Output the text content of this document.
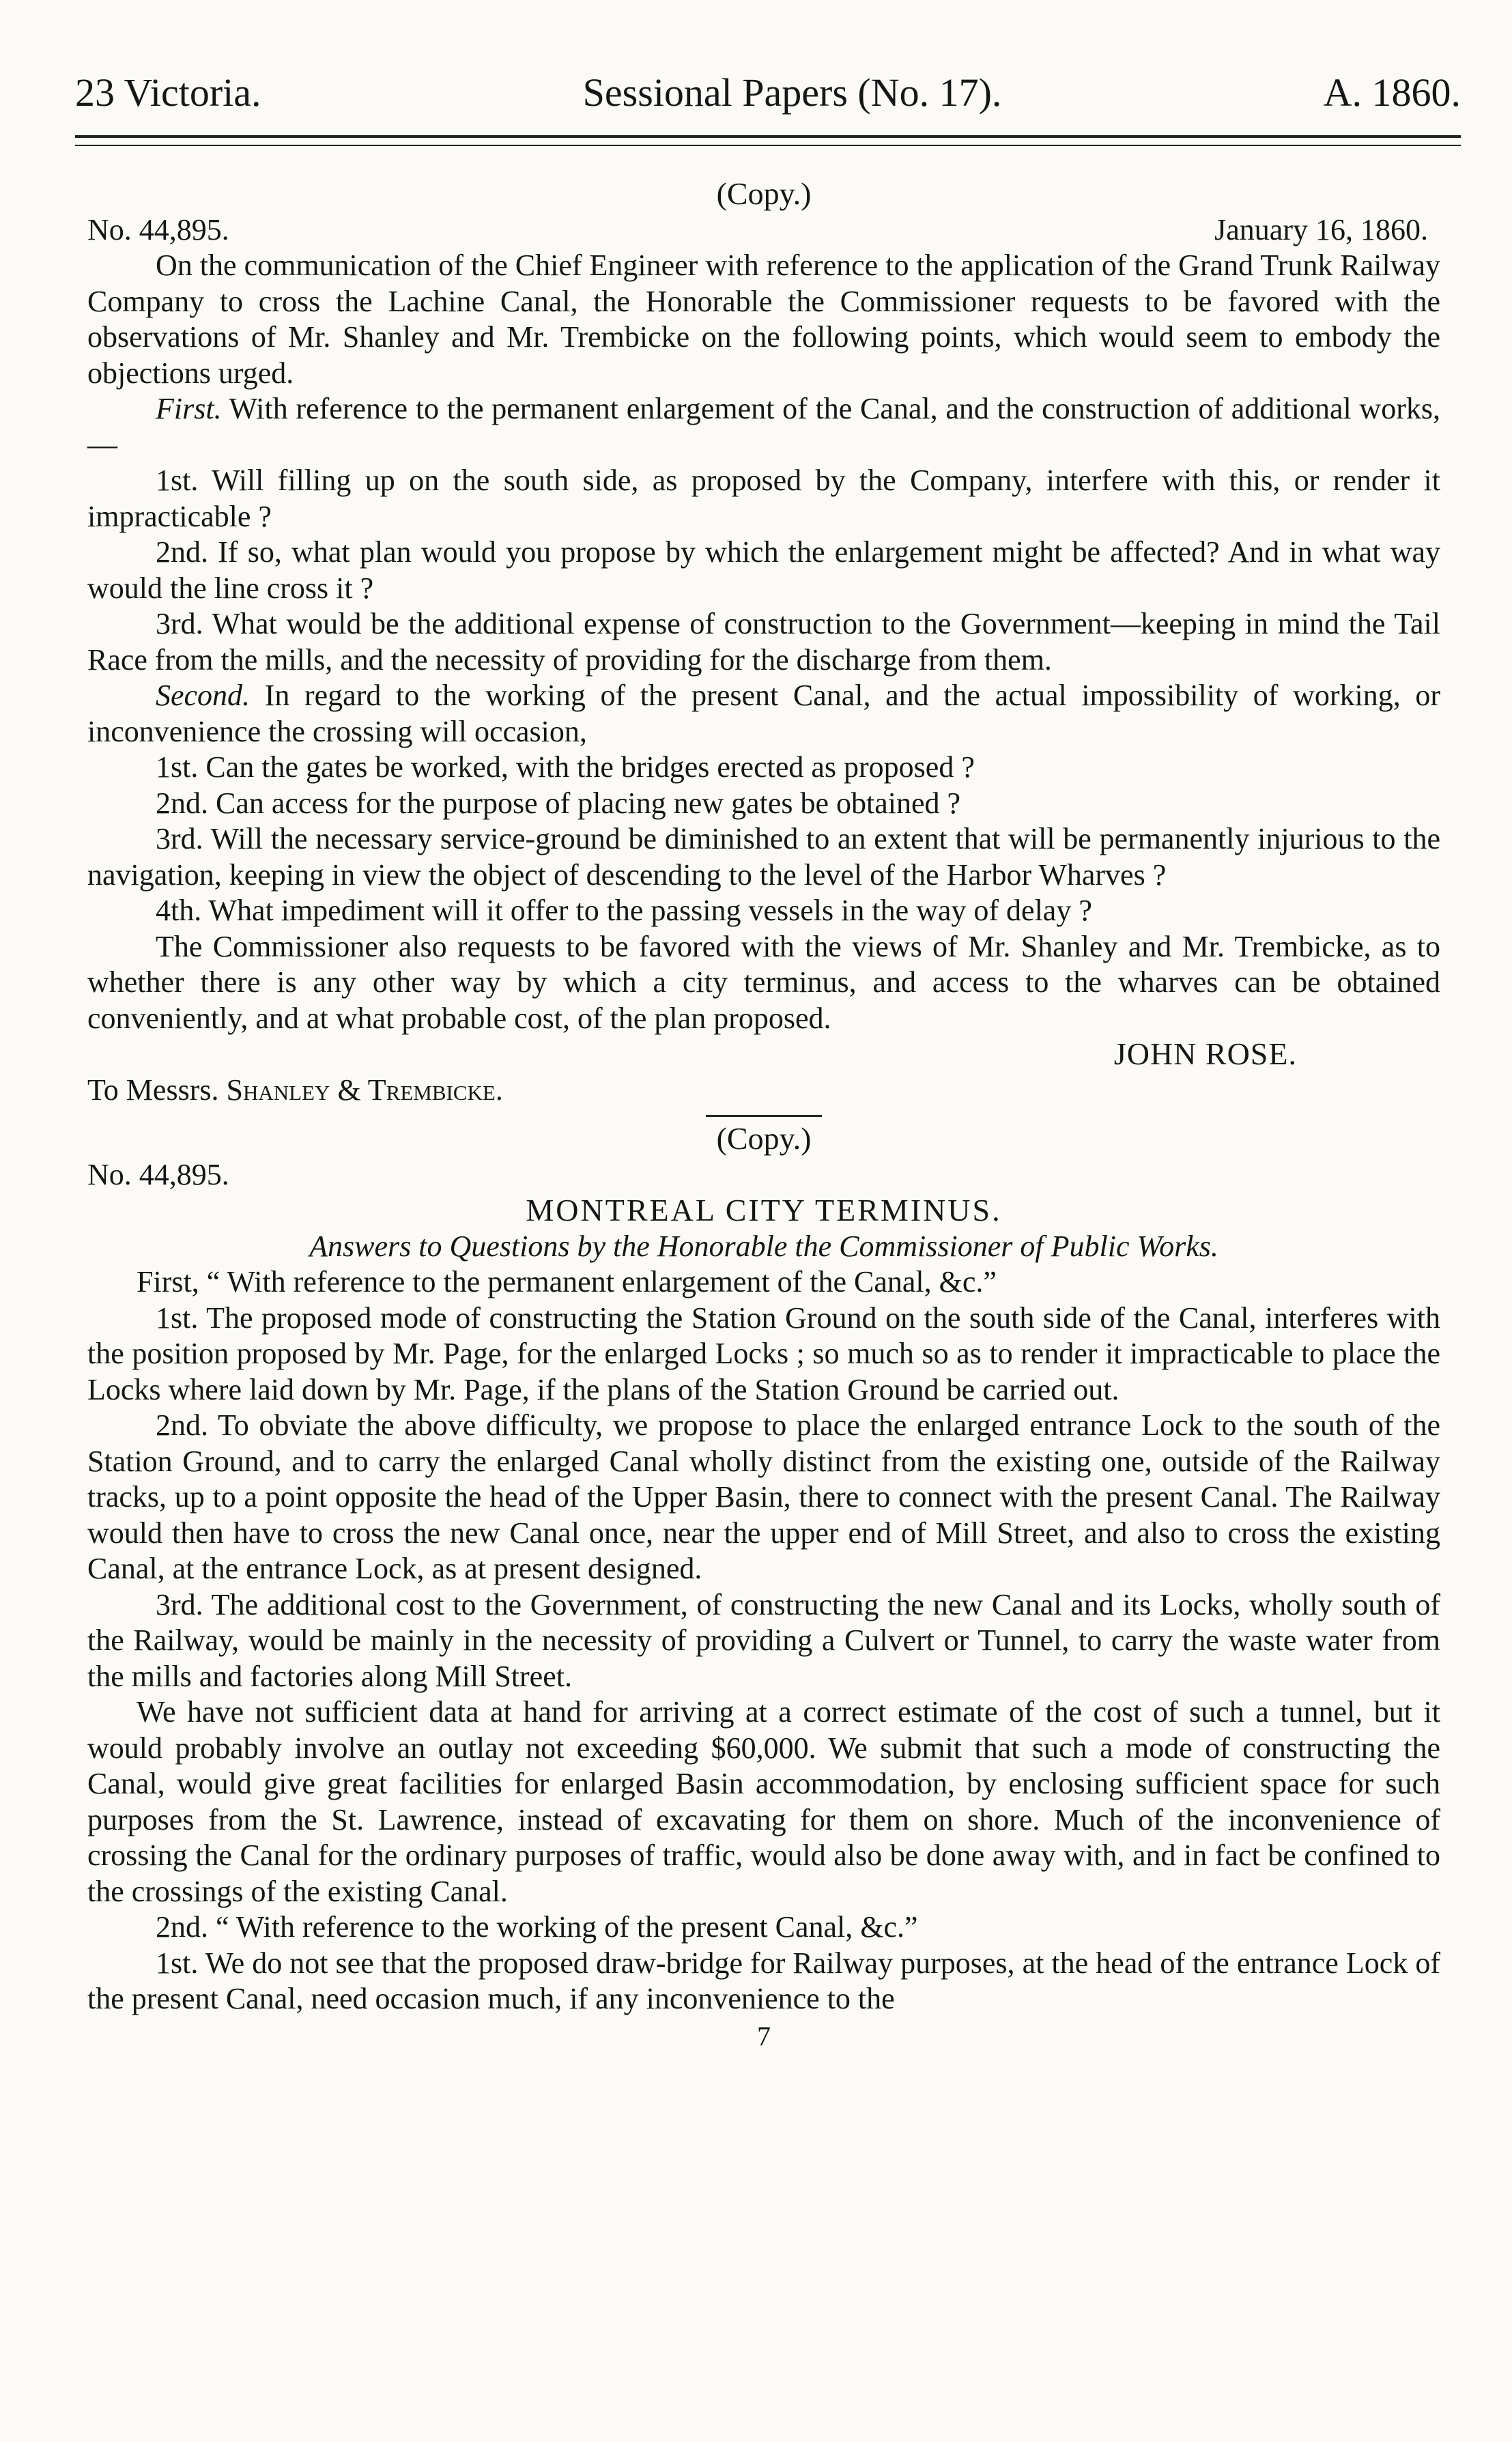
23 Victoria.	Sessional Papers (No. 17).	A. 1860.

(Copy.)

No. 44,895.	January 16, 1860.

On the communication of the Chief Engineer with reference to the application of the Grand Trunk Railway Company to cross the Lachine Canal, the Honorable the Commissioner requests to be favored with the observations of Mr. Shanley and Mr. Trembicke on the following points, which would seem to embody the objections urged.

First. With reference to the permanent enlargement of the Canal, and the construction of additional works,—

1st. Will filling up on the south side, as proposed by the Company, interfere with this, or render it impracticable ?

2nd. If so, what plan would you propose by which the enlargement might be affected? And in what way would the line cross it ?

3rd. What would be the additional expense of construction to the Government—keeping in mind the Tail Race from the mills, and the necessity of providing for the discharge from them.

Second. In regard to the working of the present Canal, and the actual impossibility of working, or inconvenience the crossing will occasion,

1st. Can the gates be worked, with the bridges erected as proposed ?

2nd. Can access for the purpose of placing new gates be obtained ?

3rd. Will the necessary service-ground be diminished to an extent that will be permanently injurious to the navigation, keeping in view the object of descending to the level of the Harbor Wharves ?

4th. What impediment will it offer to the passing vessels in the way of delay ?

The Commissioner also requests to be favored with the views of Mr. Shanley and Mr. Trembicke, as to whether there is any other way by which a city terminus, and access to the wharves can be obtained conveniently, and at what probable cost, of the plan proposed.

JOHN ROSE.

To Messrs. Shanley & Trembicke.

(Copy.)

No. 44,895.

MONTREAL CITY TERMINUS.

Answers to Questions by the Honorable the Commissioner of Public Works.

First, “ With reference to the permanent enlargement of the Canal, &c.”

1st. The proposed mode of constructing the Station Ground on the south side of the Canal, interferes with the position proposed by Mr. Page, for the enlarged Locks ; so much so as to render it impracticable to place the Locks where laid down by Mr. Page, if the plans of the Station Ground be carried out.

2nd. To obviate the above difficulty, we propose to place the enlarged entrance Lock to the south of the Station Ground, and to carry the enlarged Canal wholly distinct from the existing one, outside of the Railway tracks, up to a point opposite the head of the Upper Basin, there to connect with the present Canal. The Railway would then have to cross the new Canal once, near the upper end of Mill Street, and also to cross the existing Canal, at the entrance Lock, as at present designed.

3rd. The additional cost to the Government, of constructing the new Canal and its Locks, wholly south of the Railway, would be mainly in the necessity of providing a Culvert or Tunnel, to carry the waste water from the mills and factories along Mill Street.

We have not sufficient data at hand for arriving at a correct estimate of the cost of such a tunnel, but it would probably involve an outlay not exceeding $60,000. We submit that such a mode of constructing the Canal, would give great facilities for enlarged Basin accommodation, by enclosing sufficient space for such purposes from the St. Lawrence, instead of excavating for them on shore. Much of the inconvenience of crossing the Canal for the ordinary purposes of traffic, would also be done away with, and in fact be confined to the crossings of the existing Canal.

2nd. “ With reference to the working of the present Canal, &c.”

1st. We do not see that the proposed draw-bridge for Railway purposes, at the head of the entrance Lock of the present Canal, need occasion much, if any inconvenience to the

7
